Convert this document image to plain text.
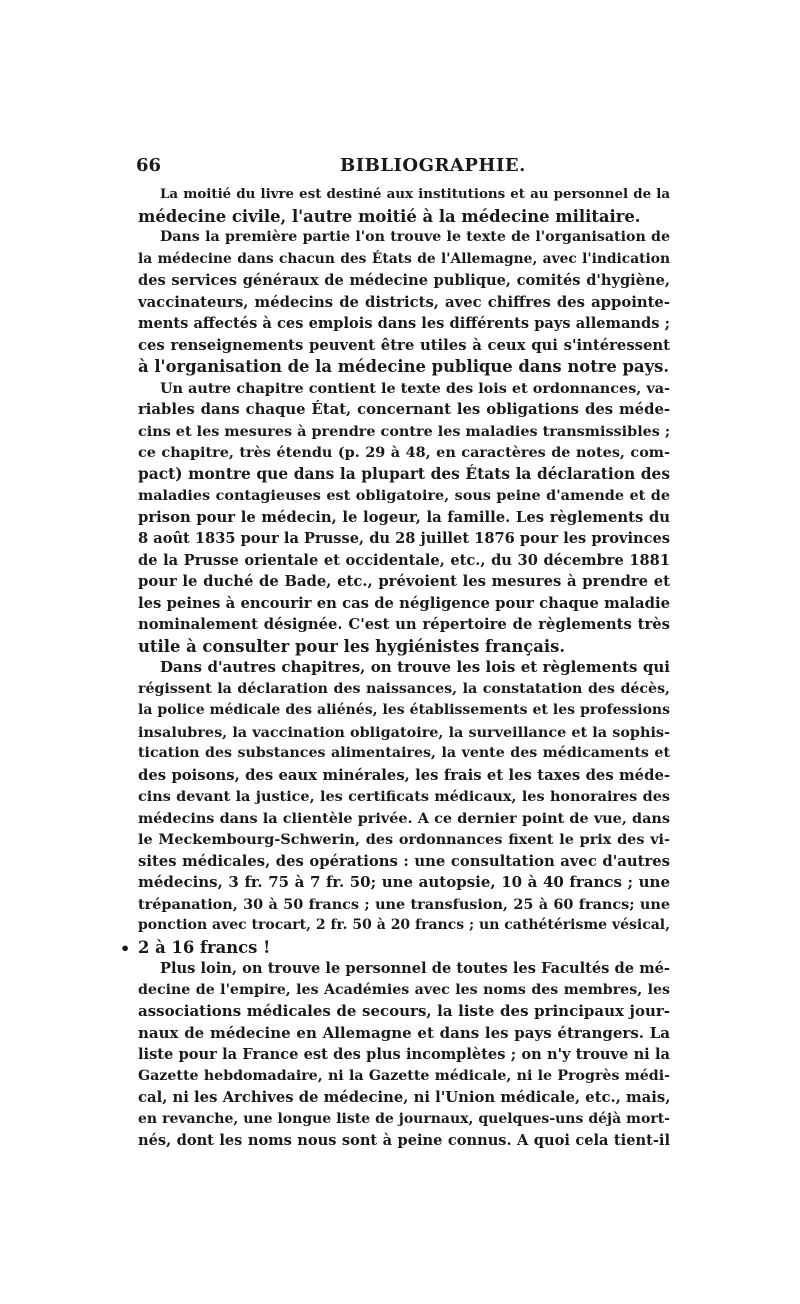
66	BIBLIOGRAPHIE.
•
La moitié du livre est destiné aux institutions et au personnel de la
médecine civile, l'autre moitié à la médecine militaire.
Dans la première partie l'on trouve le texte de l'organisation de
la médecine dans chacun des États de l'Allemagne, avec l'indication
des services généraux de médecine publique, comités d'hygiène,
vaccinateurs, médecins de districts, avec chiffres des appointe-
ments affectés à ces emplois dans les différents pays allemands ;
ces renseignements peuvent être utiles à ceux qui s'intéressent
à l'organisation de la médecine publique dans notre pays.
Un autre chapitre contient le texte des lois et ordonnances, va-
riables dans chaque État, concernant les obligations des méde-
cins et les mesures à prendre contre les maladies transmissibles ;
ce chapitre, très étendu (p. 29 à 48, en caractères de notes, com-
pact) montre que dans la plupart des États la déclaration des
maladies contagieuses est obligatoire, sous peine d'amende et de
prison pour le médecin, le logeur, la famille. Les règlements du
8 août 1835 pour la Prusse, du 28 juillet 1876 pour les provinces
de la Prusse orientale et occidentale, etc., du 30 décembre 1881
pour le duché de Bade, etc., prévoient les mesures à prendre et
les peines à encourir en cas de négligence pour chaque maladie
nominalement désignée. C'est un répertoire de règlements très
utile à consulter pour les hygiénistes français.
Dans d'autres chapitres, on trouve les lois et règlements qui
régissent la déclaration des naissances, la constatation des décès,
la police médicale des aliénés, les établissements et les professions
insalubres, la vaccination obligatoire, la surveillance et la sophis-
tication des substances alimentaires, la vente des médicaments et
des poisons, des eaux minérales, les frais et les taxes des méde-
cins devant la justice, les certificats médicaux, les honoraires des
médecins dans la clientèle privée. A ce dernier point de vue, dans
le Meckembourg-Schwerin, des ordonnances fixent le prix des vi-
sites médicales, des opérations : une consultation avec d'autres
médecins, 3 fr. 75 à 7 fr. 50; une autopsie, 10 à 40 francs ; une
trépanation, 30 à 50 francs ; une transfusion, 25 à 60 francs; une
ponction avec trocart, 2 fr. 50 à 20 francs ; un cathétérisme vésical,
2 à 16 francs !
Plus loin, on trouve le personnel de toutes les Facultés de mé-
decine de l'empire, les Académies avec les noms des membres, les
associations médicales de secours, la liste des principaux jour-
naux de médecine en Allemagne et dans les pays étrangers. La
liste pour la France est des plus incomplètes ; on n'y trouve ni la
Gazette hebdomadaire, ni la Gazette médicale, ni le Progrès médi-
cal, ni les Archives de médecine, ni l'Union médicale, etc., mais,
en revanche, une longue liste de journaux, quelques-uns déjà mort-
nés, dont les noms nous sont à peine connus. A quoi cela tient-il
